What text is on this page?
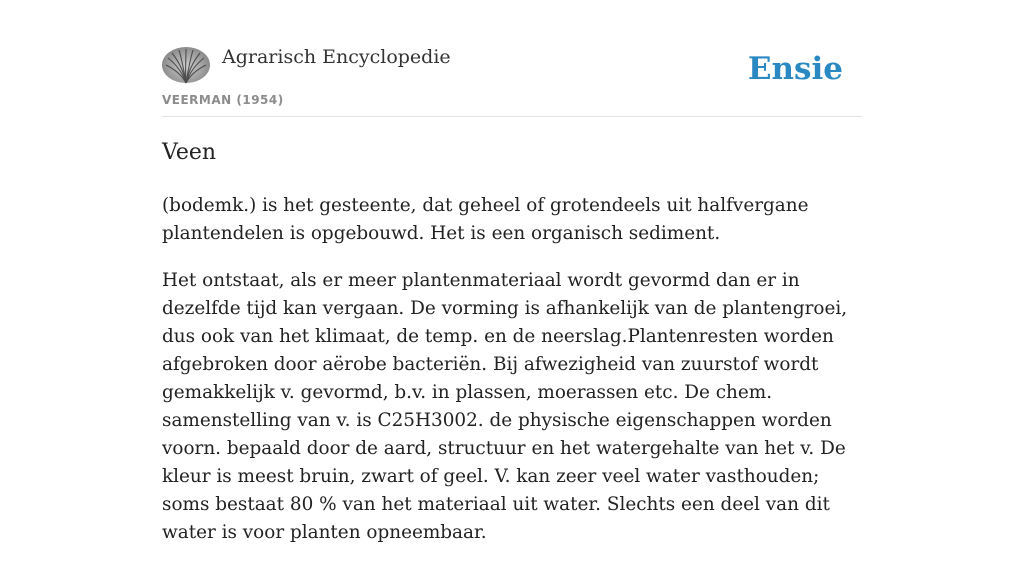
Agrarisch Encyclopedie
VEERMAN (1954)
Ensie
Veen

(bodemk.) is het gesteente, dat geheel of grotendeels uit halfvergane plantendelen is opgebouwd. Het is een organisch sediment.

Het ontstaat, als er meer plantenmateriaal wordt gevormd dan er in dezelfde tijd kan vergaan. De vorming is afhankelijk van de plantengroei, dus ook van het klimaat, de temp. en de neerslag.Plantenresten worden afgebroken door aërobe bacteriën. Bij afwezigheid van zuurstof wordt gemakkelijk v. gevormd, b.v. in plassen, moerassen etc. De chem. samenstelling van v. is C25H3002. de physische eigenschappen worden voorn. bepaald door de aard, structuur en het watergehalte van het v. De kleur is meest bruin, zwart of geel. V. kan zeer veel water vasthouden; soms bestaat 80 % van het materiaal uit water. Slechts een deel van dit water is voor planten opneembaar.
